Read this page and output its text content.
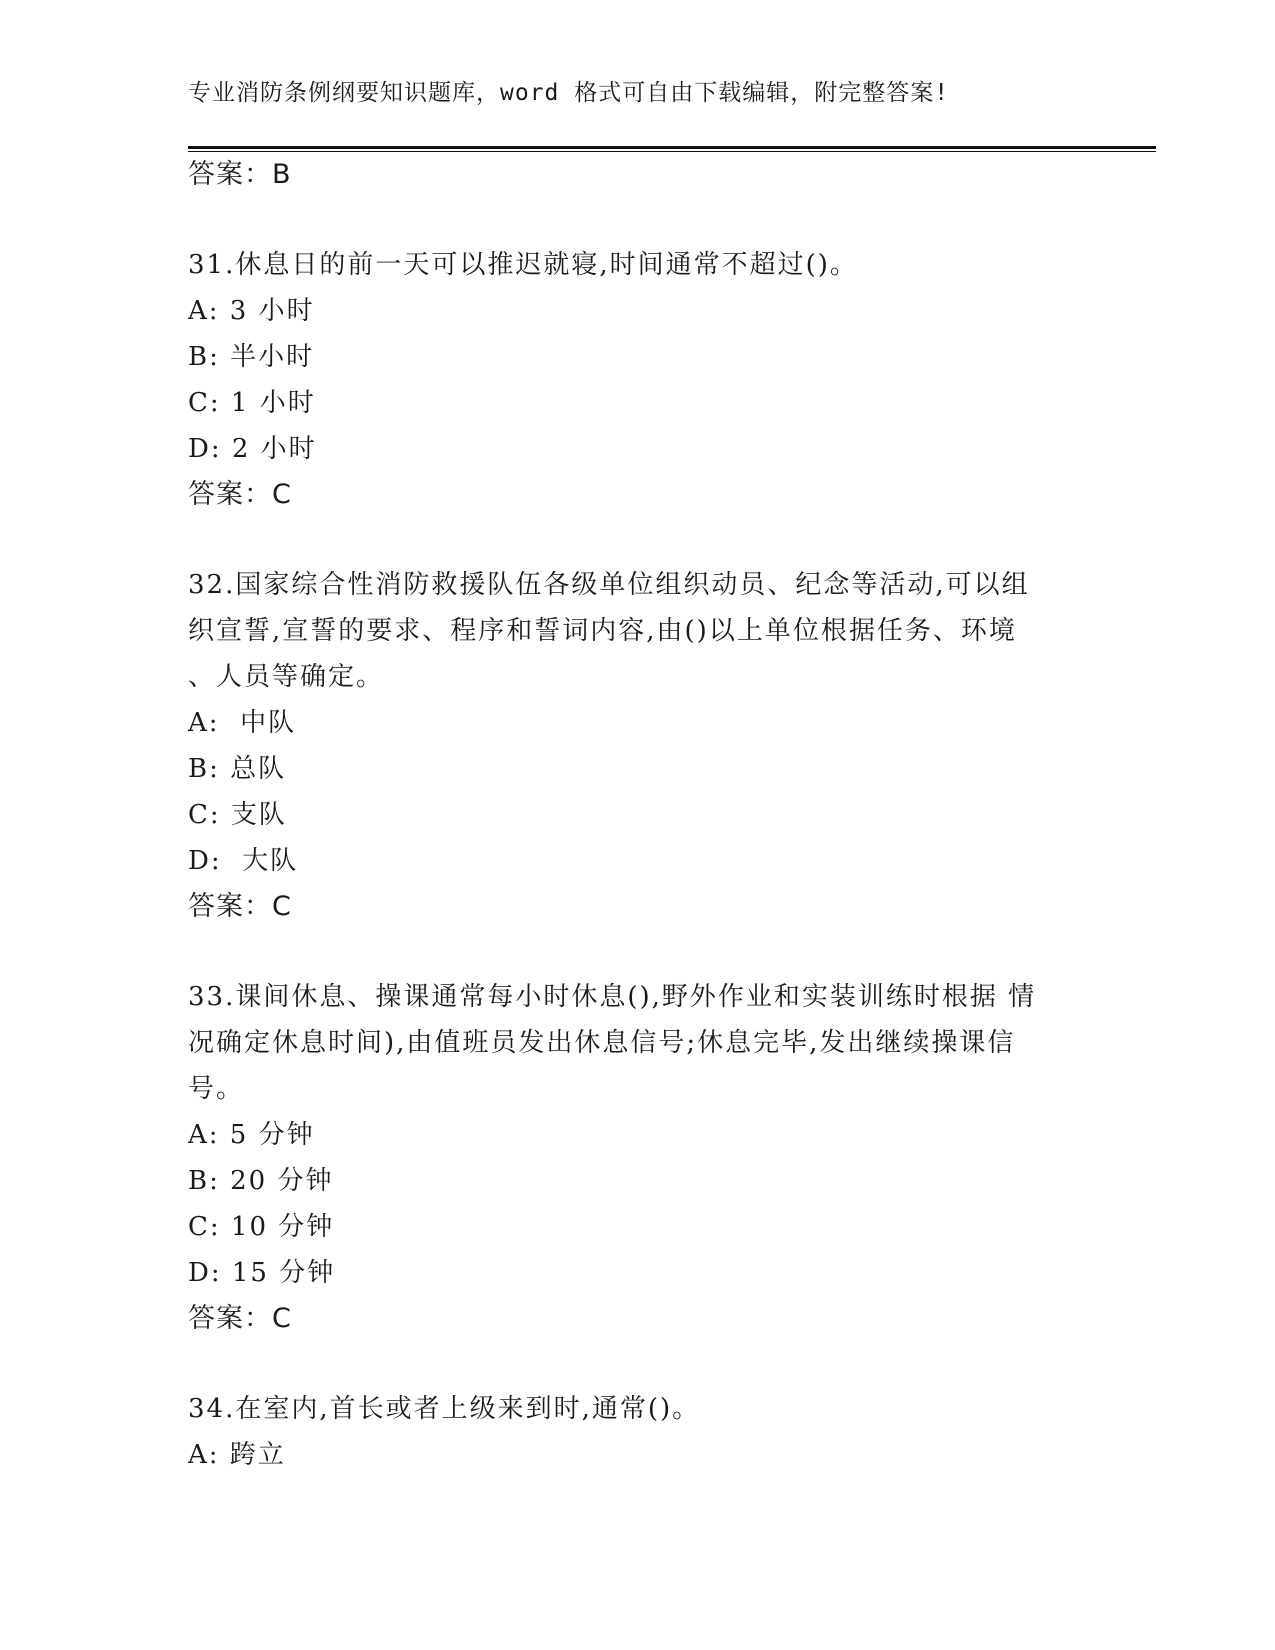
专业消防条例纲要知识题库，word 格式可自由下载编辑，附完整答案!
答案：B
31.休息日的前一天可以推迟就寝,时间通常不超过()。
A: 3 小时
B: 半小时
C: 1 小时
D: 2 小时
答案：C
32.国家综合性消防救援队伍各级单位组织动员、纪念等活动,可以组
织宣誓,宣誓的要求、程序和誓词内容,由()以上单位根据任务、环境
、人员等确定。
A:  中队
B: 总队
C: 支队
D:  大队
答案：C
33.课间休息、操课通常每小时休息(),野外作业和实装训练时根据 情
况确定休息时间),由值班员发出休息信号;休息完毕,发出继续操课信
号。
A: 5 分钟
B: 20 分钟
C: 10 分钟
D: 15 分钟
答案：C
34.在室内,首长或者上级来到时,通常()。
A: 跨立
